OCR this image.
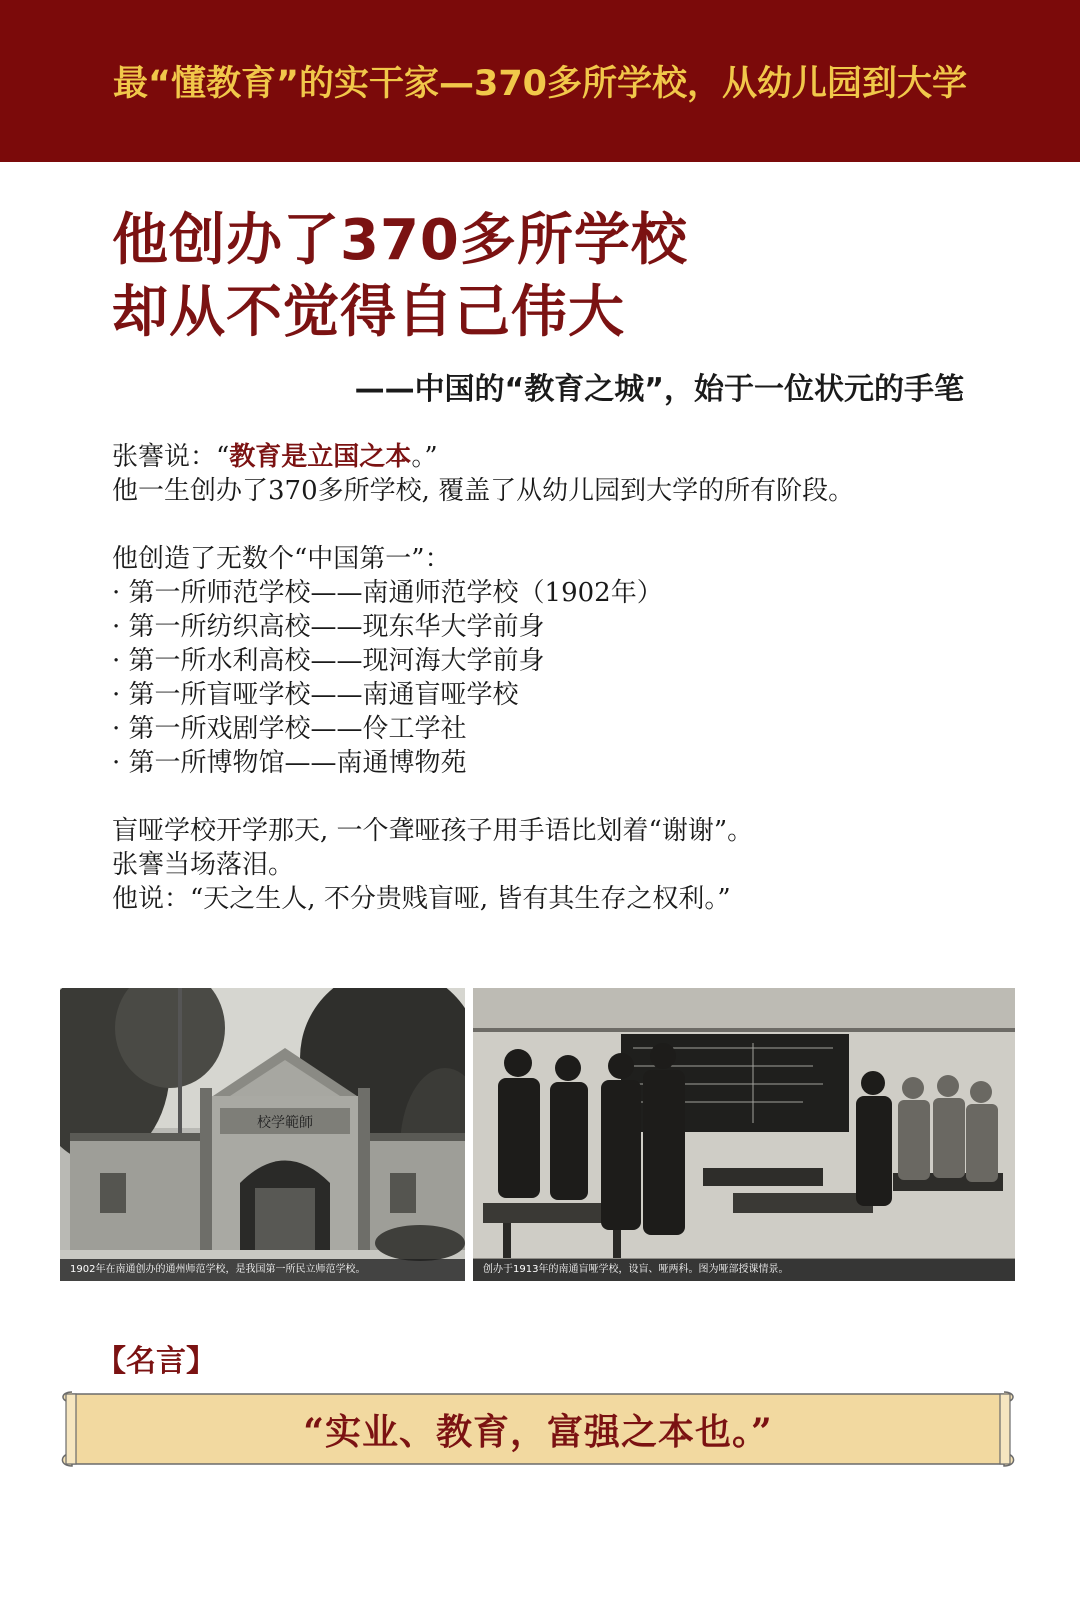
最“懂教育”的实干家—370多所学校，从幼儿园到大学
他创办了370多所学校
却从不觉得自己伟大
——中国的“教育之城”，始于一位状元的手笔

张謇说：“教育是立国之本。”

他一生创办了370多所学校, 覆盖了从幼儿园到大学的所有阶段。

他创造了无数个“中国第一”：

· 第一所师范学校——南通师范学校（1902年）

· 第一所纺织高校——现东华大学前身

· 第一所水利高校——现河海大学前身

· 第一所盲哑学校——南通盲哑学校

· 第一所戏剧学校——伶工学社

· 第一所博物馆——南通博物苑

盲哑学校开学那天, 一个聋哑孩子用手语比划着“谢谢”。

张謇当场落泪。

他说：“天之生人, 不分贵贱盲哑, 皆有其生存之权利。”

校学範師
1902年在南通创办的通州师范学校，是我国第一所民立师范学校。	创办于1913年的南通盲哑学校，设盲、哑两科。图为哑部授课情景。
【名言】
“实业、教育，富强之本也。”
